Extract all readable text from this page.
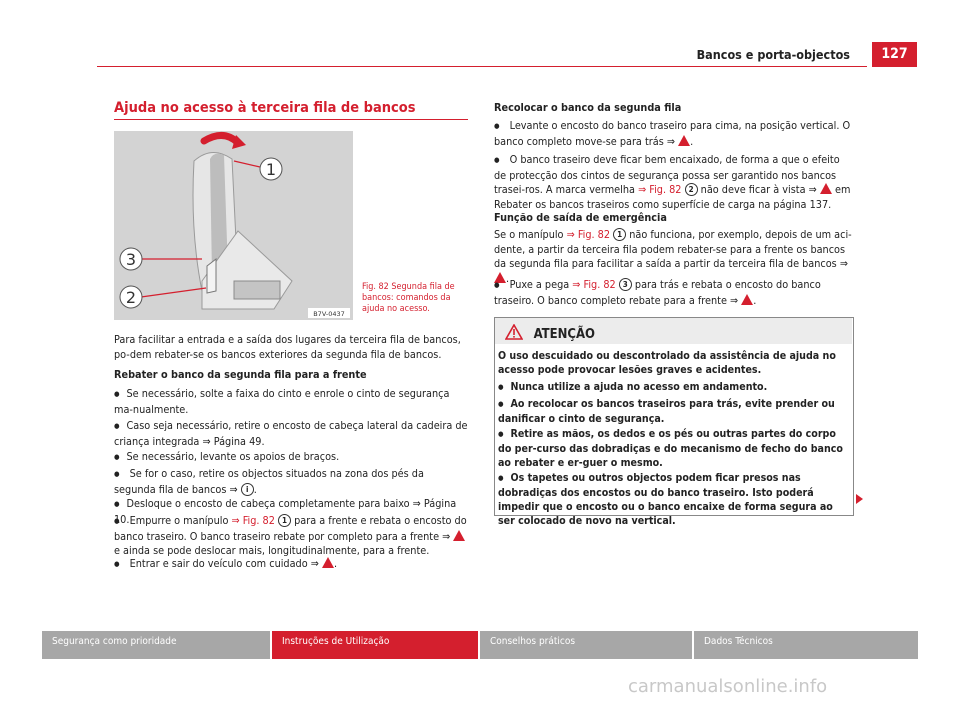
Bancos e porta-objectos	127
Ajuda no acesso à terceira fila de bancos
1
3
2
B7V-0437
Fig. 82 Segunda fila de bancos: comandos da ajuda no acesso.
Para facilitar a entrada e a saída dos lugares da terceira fila de bancos, po-dem rebater-se os bancos exteriores da segunda fila de bancos.
Rebater o banco da segunda fila para a frente
● Se necessário, solte a faixa do cinto e enrole o cinto de segurança ma-nualmente.
● Caso seja necessário, retire o encosto de cabeça lateral da cadeira de criança integrada ⇒ Página 49.
● Se necessário, levante os apoios de braços.
● Se for o caso, retire os objectos situados na zona dos pés da segunda fila de bancos ⇒ i .
● Desloque o encosto de cabeça completamente para baixo ⇒ Página 10. ● Empurre o manípulo ⇒ Fig. 82 1 para a frente e rebata o encosto do banco traseiro. O banco traseiro rebate por completo para a frente ⇒  e ainda se pode deslocar mais, longitudinalmente, para a frente.
● Entrar e sair do veículo com cuidado ⇒ .
Recolocar o banco da segunda fila
● Levante o encosto do banco traseiro para cima, na posição vertical. O banco completo move-se para trás ⇒ .
● O banco traseiro deve ficar bem encaixado, de forma a que o efeito de protecção dos cintos de segurança possa ser garantido nos bancos trasei-ros. A marca vermelha ⇒ Fig. 82 2 não deve ficar à vista ⇒ em Rebater os bancos traseiros como superfície de carga na página 137.
Função de saída de emergência
Se o manípulo ⇒ Fig. 82 1 não funciona, por exemplo, depois de um aci-dente, a partir da terceira fila podem rebater-se para a frente os bancos da segunda fila para facilitar a saída a partir da terceira fila de bancos ⇒ . ● Puxe a pega ⇒ Fig. 82 3 para trás e rebata o encosto do banco traseiro. O banco completo rebate para a frente ⇒ .
ATENÇÃO
O uso descuidado ou descontrolado da assistência de ajuda no acesso pode provocar lesões graves e acidentes.
● Nunca utilize a ajuda no acesso em andamento.
● Ao recolocar os bancos traseiros para trás, evite prender ou danificar o cinto de segurança.
● Retire as mãos, os dedos e os pés ou outras partes do corpo do per-curso das dobradiças e do mecanismo de fecho do banco ao rebater e er-guer o mesmo.
● Os tapetes ou outros objectos podem ficar presos nas dobradiças dos encostos ou do banco traseiro. Isto poderá impedir que o encosto ou o banco encaixe de forma segura ao ser colocado de novo na vertical.
Segurança como prioridade	Instruções de Utilização	Conselhos práticos	Dados Técnicos
carmanualsonline.info
